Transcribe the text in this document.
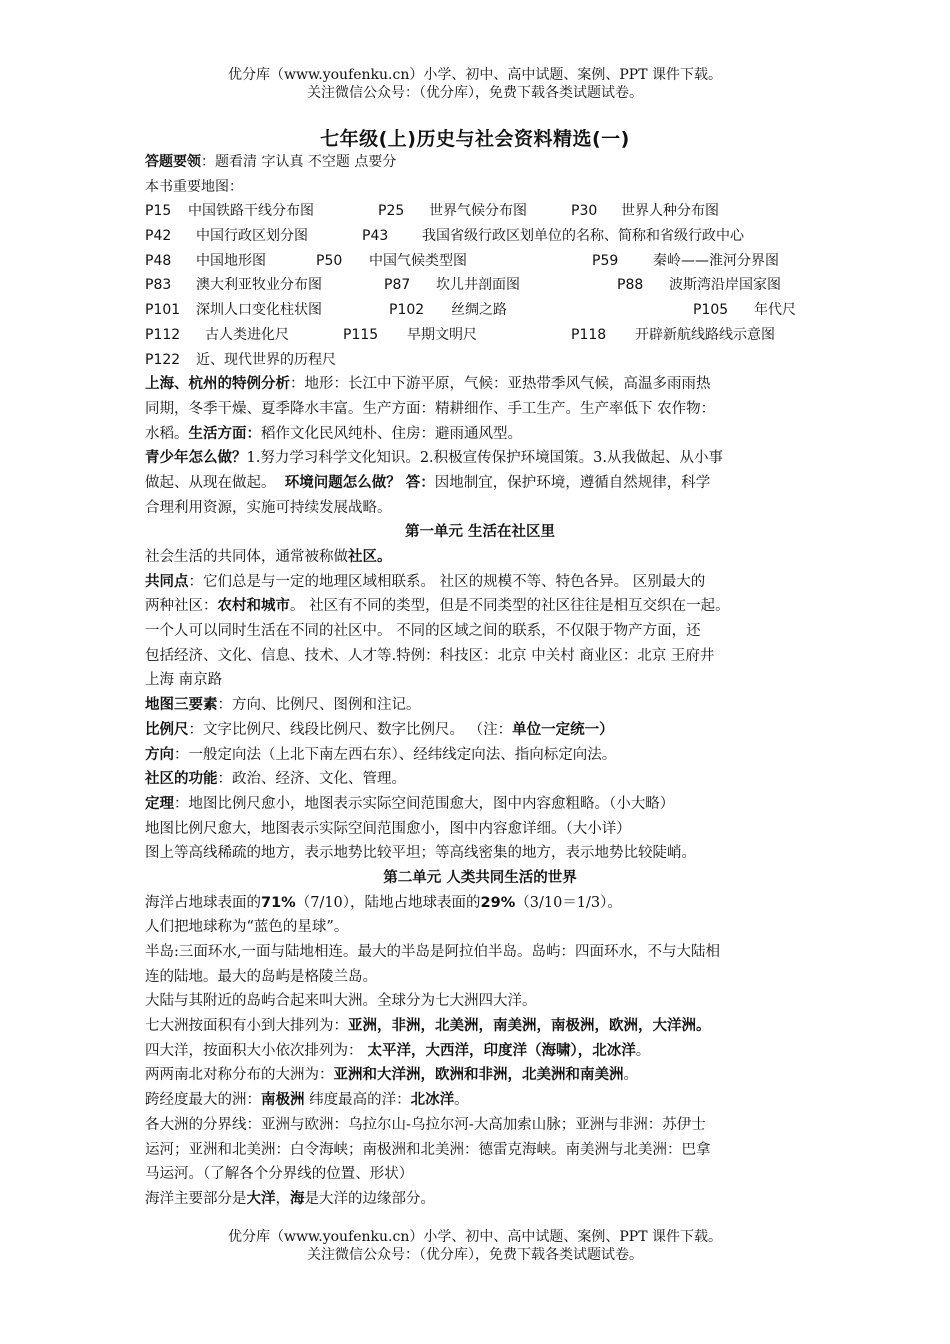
优分库（www.youfenku.cn）小学、初中、高中试题、案例、PPT 课件下载。
关注微信公众号：（优分库），免费下载各类试题试卷。
七年级(上)历史与社会资料精选(一)
答题要领：题看清 字认真 不空题 点要分
本书重要地图：
P15 中国铁路干线分布图	P25 世界气候分布图	P30 世界人种分布图
P42 中国行政区划分图	P43 我国省级行政区划单位的名称、简称和省级行政中心
P48 中国地形图	P50 中国气候类型图	P59 秦岭——淮河分界图
P83 澳大利亚牧业分布图	P87 坎儿井剖面图	P88 波斯湾沿岸国家图
P101 深圳人口变化柱状图	P102 丝绸之路	P105 年代尺
P112 古人类进化尺	P115 早期文明尺	P118 开辟新航线路线示意图
P122 近、现代世界的历程尺
上海、杭州的特例分析：地形：长江中下游平原，气候：亚热带季风气候，高温多雨雨热
同期，冬季干燥、夏季降水丰富。生产方面：精耕细作、手工生产。生产率低下 农作物：
水稻。生活方面：稻作文化民风纯朴、住房：避雨通风型。
青少年怎么做？1.努力学习科学文化知识。2.积极宣传保护环境国策。3.从我做起、从小事
做起、从现在做起。 环境问题怎么做？ 答：因地制宜，保护环境，遵循自然规律，科学
合理利用资源，实施可持续发展战略。
第一单元 生活在社区里
社会生活的共同体，通常被称做社区。
共同点：它们总是与一定的地理区域相联系。 社区的规模不等、特色各异。 区别最大的
两种社区：农村和城市。 社区有不同的类型，但是不同类型的社区往往是相互交织在一起。
一个人可以同时生活在不同的社区中。 不同的区域之间的联系，不仅限于物产方面，还
包括经济、文化、信息、技术、人才等.特例：科技区：北京 中关村 商业区：北京 王府井
上海 南京路
地图三要素：方向、比例尺、图例和注记。
比例尺：文字比例尺、线段比例尺、数字比例尺。 （注：单位一定统一）
方向：一般定向法（上北下南左西右东）、经纬线定向法、指向标定向法。
社区的功能：政治、经济、文化、管理。
定理：地图比例尺愈小，地图表示实际空间范围愈大，图中内容愈粗略。（小大略）
地图比例尺愈大，地图表示实际空间范围愈小，图中内容愈详细。（大小详）
图上等高线稀疏的地方，表示地势比较平坦；等高线密集的地方，表示地势比较陡峭。
第二单元 人类共同生活的世界
海洋占地球表面的71%（7/10），陆地占地球表面的29%（3/10＝1/3）。
人们把地球称为“蓝色的星球”。
半岛:三面环水,一面与陆地相连。最大的半岛是阿拉伯半岛。岛屿：四面环水，不与大陆相
连的陆地。最大的岛屿是格陵兰岛。
大陆与其附近的岛屿合起来叫大洲。全球分为七大洲四大洋。
七大洲按面积有小到大排列为：亚洲，非洲，北美洲，南美洲，南极洲，欧洲，大洋洲。
四大洋，按面积大小依次排列为： 太平洋，大西洋，印度洋（海啸），北冰洋。
两两南北对称分布的大洲为：亚洲和大洋洲，欧洲和非洲，北美洲和南美洲。
跨经度最大的洲：南极洲 纬度最高的洋：北冰洋。
各大洲的分界线：亚洲与欧洲：乌拉尔山-乌拉尔河-大高加索山脉；亚洲与非洲：苏伊士
运河；亚洲和北美洲：白令海峡；南极洲和北美洲：德雷克海峡。南美洲与北美洲：巴拿
马运河。（了解各个分界线的位置、形状）
海洋主要部分是大洋，海是大洋的边缘部分。
优分库（www.youfenku.cn）小学、初中、高中试题、案例、PPT 课件下载。
关注微信公众号：（优分库），免费下载各类试题试卷。
